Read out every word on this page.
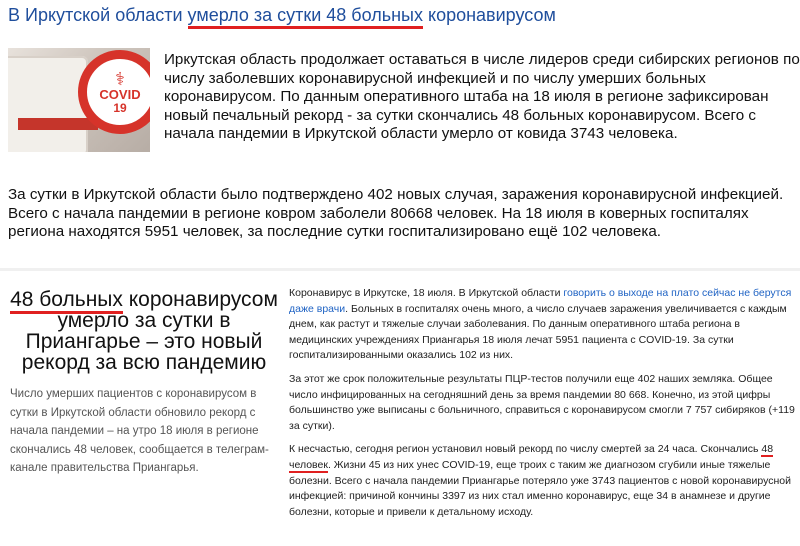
В Иркутской области умерло за сутки 48 больных коронавирусом
⚕
COVID
19
Иркутская область продолжает оставаться в числе лидеров среди сибирских регионов по числу заболевших коронавирусной инфекцией и по числу умерших больных коронавирусом. По данным оперативного штаба на 18 июля в регионе зафиксирован новый печальный рекорд - за сутки скончались 48 больных коронавирусом. Всего с начала пандемии в Иркутской области умерло от ковида 3743 человека.
За сутки в Иркутской области было подтверждено 402 новых случая, заражения коронавирусной инфекцией. Всего с начала пандемии в регионе ковром заболели 80668 человек. На 18 июля в коверных госпиталях региона находятся 5951 человек, за последние сутки госпитализировано ещё 102 человека.
48 больных коронавирусом умерло за сутки в Приангарье – это новый рекорд за всю пандемию
Число умерших пациентов с коронавирусом в сутки в Иркутской области обновило рекорд с начала пандемии – на утро 18 июля в регионе скончались 48 человек, сообщается в телеграм-канале правительства Приангарья.

Коронавирус в Иркутске, 18 июля. В Иркутской области говорить о выходе на плато сейчас не берутся даже врачи. Больных в госпиталях очень много, а число случаев заражения увеличивается с каждым днем, как растут и тяжелые случаи заболевания. По данным оперативного штаба региона в медицинских учреждениях Приангарья 18 июля лечат 5951 пациента с COVID-19. За сутки госпитализированными оказались 102 из них.

За этот же срок положительные результаты ПЦР-тестов получили еще 402 наших земляка. Общее число инфицированных на сегодняшний день за время пандемии 80 668. Конечно, из этой цифры большинство уже выписаны с больничного, справиться с коронавирусом смогли 7 757 сибиряков (+119 за сутки).

К несчастью, сегодня регион установил новый рекорд по числу смертей за 24 часа. Скончались 48 человек. Жизни 45 из них унес COVID-19, еще троих с таким же диагнозом сгубили иные тяжелые болезни. Всего с начала пандемии Приангарье потеряло уже 3743 пациентов с новой коронавирусной инфекцией: причиной кончины 3397 из них стал именно коронавирус, еще 34 в анамнезе и другие болезни, которые и привели к детальному исходу.
